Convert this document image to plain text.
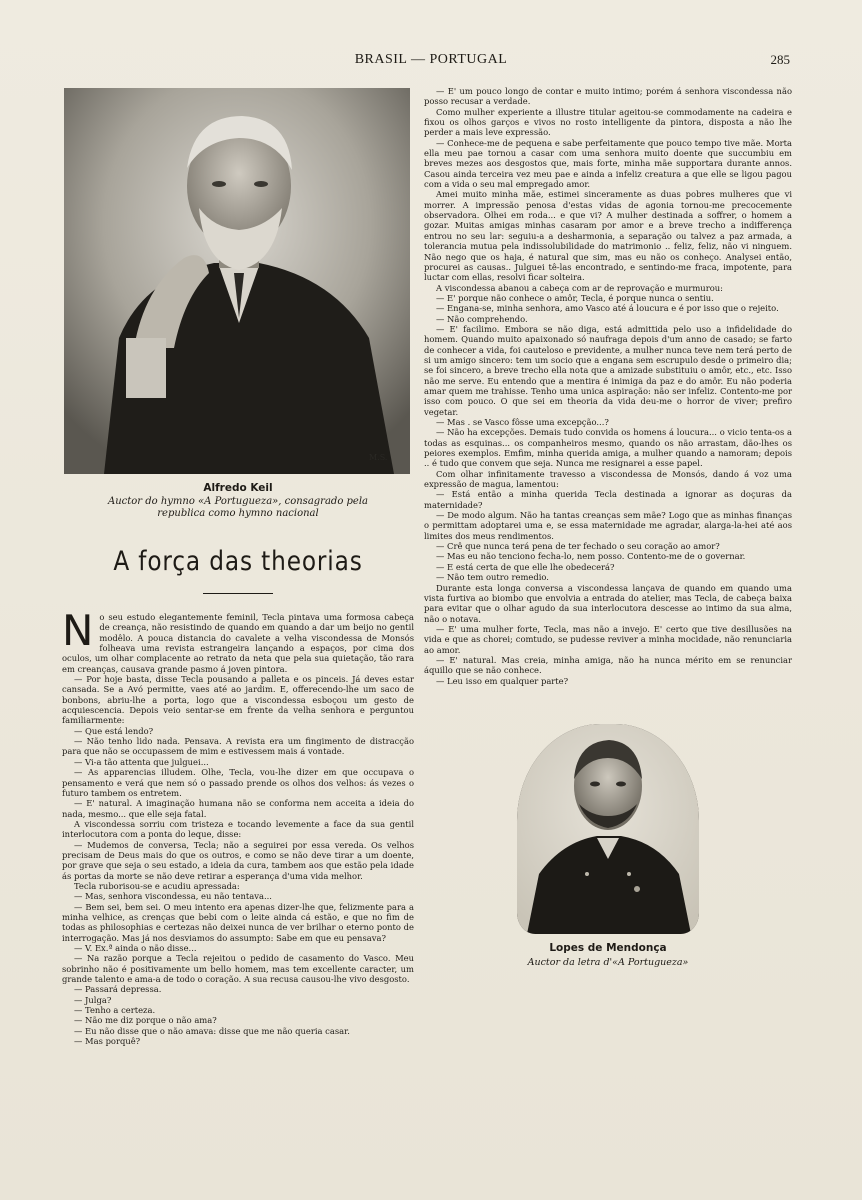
BRASIL — PORTUGAL	285
M.S.
Alfredo Keil
Auctor do hymno «A Portugueza», consagrado pela republica como hymno nacional
A força das theorias

No seu estudo elegantemente feminil, Tecla pintava uma formosa cabeça de creança, não resistindo de quando em quando a dar um beijo no gentil modêlo. A pouca distancia do cavalete a velha viscondessa de Monsós folheava uma revista estrangeira lançando a espaços, por cima dos oculos, um olhar complacente ao retrato da neta que pela sua quietação, tão rara em creanças, causava grande pasmo á joven pintora.

— Por hoje basta, disse Tecla pousando a palleta e os pinceis. Já deves estar cansada. Se a Avó permitte, vaes até ao jardim. E, offerecendo-lhe um saco de bonbons, abriu-lhe a porta, logo que a viscondessa esboçou um gesto de acquiescencia. Depois veio sentar-se em frente da velha senhora e perguntou familiarmente:

— Que está lendo?

— Não tenho lido nada. Pensava. A revista era um fingimento de distracção para que não se occupassem de mim e estivessem mais á vontade.

— Vi-a tão attenta que julguei...

— As apparencias illudem. Olhe, Tecla, vou-lhe dizer em que occupava o pensamento e verá que nem só o passado prende os olhos dos velhos: ás vezes o futuro tambem os entretem.

— E' natural. A imaginação humana não se conforma nem acceita a ideia do nada, mesmo... que elle seja fatal.

A viscondessa sorriu com tristeza e tocando levemente a face da sua gentil interlocutora com a ponta do leque, disse:

— Mudemos de conversa, Tecla; não a seguirei por essa vereda. Os velhos precisam de Deus mais do que os outros, e como se não deve tirar a um doente, por grave que seja o seu estado, a ideia da cura, tambem aos que estão pela idade ás portas da morte se não deve retirar a esperança d'uma vida melhor.

Tecla ruborisou-se e acudiu apressada:

— Mas, senhora viscondessa, eu não tentava...

— Bem sei, bem sei. O meu intento era apenas dizer-lhe que, felizmente para a minha velhice, as crenças que bebi com o leite ainda cá estão, e que no fim de todas as philosophias e certezas não deixei nunca de ver brilhar o eterno ponto de interrogação. Mas já nos desviamos do assumpto: Sabe em que eu pensava?

— V. Ex.ª ainda o não disse...

— Na razão porque a Tecla rejeitou o pedido de casamento do Vasco. Meu sobrinho não é positivamente um bello homem, mas tem excellente caracter, um grande talento e ama-a de todo o coração. A sua recusa causou-lhe vivo desgosto.

— Passará depressa.

— Julga?

— Tenho a certeza.

— Não me diz porque o não ama?

— Eu não disse que o não amava: disse que me não queria casar.

— Mas porquê?

— E' um pouco longo de contar e muito intimo; porém á senhora viscondessa não posso recusar a verdade.

Como mulher experiente a illustre titular ageitou-se commodamente na cadeira e fixou os olhos garços e vivos no rosto intelligente da pintora, disposta a não lhe perder a mais leve expressão.

— Conhece-me de pequena e sabe perfeitamente que pouco tempo tive mãe. Morta ella meu pae tornou a casar com uma senhora muito doente que succumbiu em breves mezes aos desgostos que, mais forte, minha mãe supportara durante annos. Casou ainda terceira vez meu pae e ainda a infeliz creatura a que elle se ligou pagou com a vida o seu mal empregado amor.

Amei muito minha mãe, estimei sinceramente as duas pobres mulheres que vi morrer. A impressão penosa d'estas vidas de agonia tornou-me precocemente observadora. Olhei em roda... e que vi? A mulher destinada a soffrer, o homem a gozar. Muitas amigas minhas casaram por amor e a breve trecho a indifferença entrou no seu lar: seguiu-a a desharmonia, a separação ou talvez a paz armada, a tolerancia mutua pela indissolubilidade do matrimonio .. feliz, feliz, não vi ninguem. Não nego que os haja, é natural que sim, mas eu não os conheço. Analysei então, procurei as causas.. Julguei tê-las encontrado, e sentindo-me fraca, impotente, para luctar com ellas, resolvi ficar solteira.

A viscondessa abanou a cabeça com ar de reprovação e murmurou:

— E' porque não conhece o amôr, Tecla, é porque nunca o sentiu.

— Engana-se, minha senhora, amo Vasco até á loucura e é por isso que o rejeito.

— Não comprehendo.

— E' facilimo. Embora se não diga, está admittida pelo uso a infidelidade do homem. Quando muito apaixonado só naufraga depois d'um anno de casado; se farto de conhecer a vida, foi cauteloso e previdente, a mulher nunca teve nem terá perto de si um amigo sincero: tem um socio que a engana sem escrupulo desde o primeiro dia; se foi sincero, a breve trecho ella nota que a amizade substituiu o amôr, etc., etc. Isso não me serve. Eu entendo que a mentira é inimiga da paz e do amôr. Eu não poderia amar quem me trahisse. Tenho uma unica aspiração: não ser infeliz. Contento-me por isso com pouco. O que sei em theoria da vida deu-me o horror de viver; prefiro vegetar.

— Mas . se Vasco fôsse uma excepção...?

— Não ha excepções. Demais tudo convida os homens á loucura... o vicio tenta-os a todas as esquinas... os companheiros mesmo, quando os não arrastam, dão-lhes os peiores exemplos. Emfim, minha querida amiga, a mulher quando a namoram; depois .. é tudo que convem que seja. Nunca me resignarei a esse papel.

Com olhar infinitamente travesso a viscondessa de Monsós, dando á voz uma expressão de magua, lamentou:

— Está então a minha querida Tecla destinada a ignorar as doçuras da maternidade?

— De modo algum. Não ha tantas creanças sem mãe? Logo que as minhas finanças o permittam adoptarei uma e, se essa maternidade me agradar, alarga-la-hei até aos limites dos meus rendimentos.

— Crê que nunca terá pena de ter fechado o seu coração ao amor?

— Mas eu não tenciono fecha-lo, nem posso. Contento-me de o governar.

— E está certa de que elle lhe obedecerá?

— Não tem outro remedio.

Durante esta longa conversa a viscondessa lançava de quando em quando uma vista furtiva ao biombo que envolvia a entrada do atelier, mas Tecla, de cabeça baixa para evitar que o olhar agudo da sua interlocutora descesse ao intimo da sua alma, não o notava.

— E' uma mulher forte, Tecla, mas não a invejo. E' certo que tive desillusões na vida e que as chorei; comtudo, se pudesse reviver a minha mocidade, não renunciaria ao amor.

— E' natural. Mas creia, minha amiga, não ha nunca mérito em se renunciar áquillo que se não conhece.

— Leu isso em qualquer parte?

Lopes de Mendonça
Auctor da letra d'«A Portugueza»
